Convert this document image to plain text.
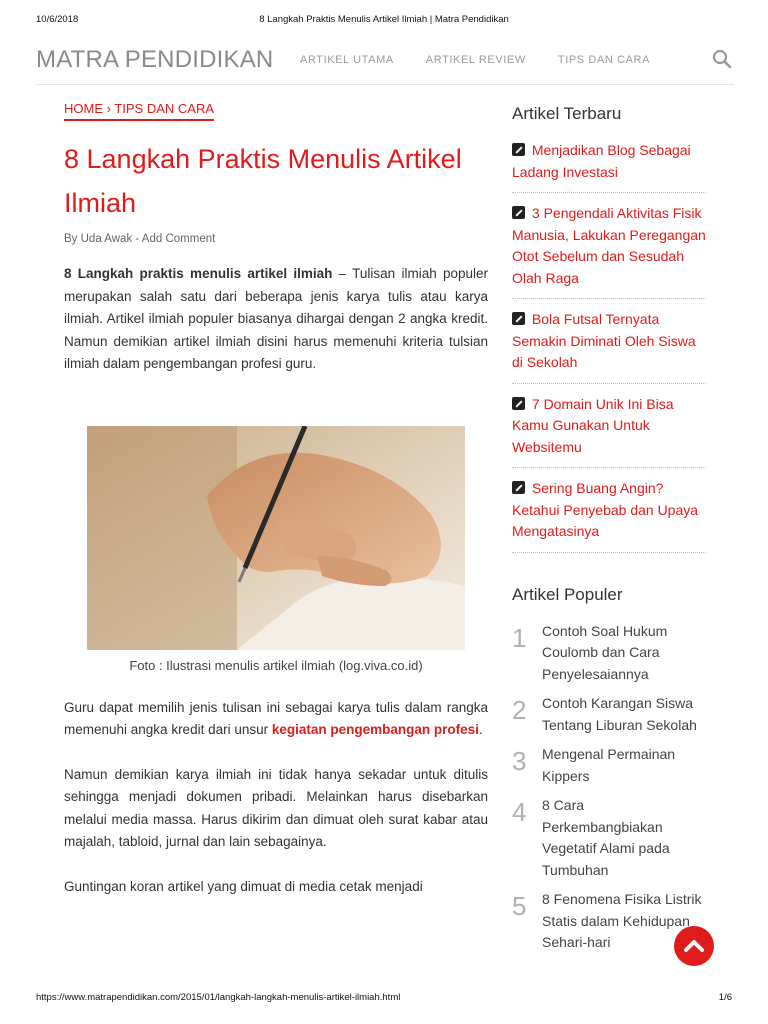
10/6/2018	8 Langkah Praktis Menulis Artikel Ilmiah | Matra Pendidikan
MATRA PENDIDIKAN ARTIKEL UTAMA	ARTIKEL REVIEW	TIPS DAN CARA
HOME › TIPS DAN CARA
8 Langkah Praktis Menulis Artikel Ilmiah
By Uda Awak - Add Comment

8 Langkah praktis menulis artikel ilmiah – Tulisan ilmiah populer merupakan salah satu dari beberapa jenis karya tulis atau karya ilmiah. Artikel ilmiah populer biasanya dihargai dengan 2 angka kredit. Namun demikian artikel ilmiah disini harus memenuhi kriteria tulsian ilmiah dalam pengembangan profesi guru.

Foto : Ilustrasi menulis artikel ilmiah (log.viva.co.id)

Guru dapat memilih jenis tulisan ini sebagai karya tulis dalam rangka memenuhi angka kredit dari unsur kegiatan pengembangan profesi.

Namun demikian karya ilmiah ini tidak hanya sekadar untuk ditulis sehingga menjadi dokumen pribadi. Melainkan harus disebarkan melalui media massa. Harus dikirim dan dimuat oleh surat kabar atau majalah, tabloid, jurnal dan lain sebagainya.

Guntingan koran artikel yang dimuat di media cetak menjadi

Artikel Terbaru
Menjadikan Blog Sebagai Ladang Investasi
3 Pengendali Aktivitas Fisik Manusia, Lakukan Peregangan Otot Sebelum dan Sesudah Olah Raga
Bola Futsal Ternyata Semakin Diminati Oleh Siswa di Sekolah
7 Domain Unik Ini Bisa Kamu Gunakan Untuk Websitemu
Sering Buang Angin? Ketahui Penyebab dan Upaya Mengatasinya
Artikel Populer
1	Contoh Soal Hukum Coulomb dan Cara Penyelesaiannya
2	Contoh Karangan Siswa Tentang Liburan Sekolah
3	Mengenal Permainan Kippers
4	8 Cara Perkembangbiakan Vegetatif Alami pada Tumbuhan
5	8 Fenomena Fisika Listrik Statis dalam Kehidupan Sehari-hari
https://www.matrapendidikan.com/2015/01/langkah-langkah-menulis-artikel-ilmiah.html	1/6
